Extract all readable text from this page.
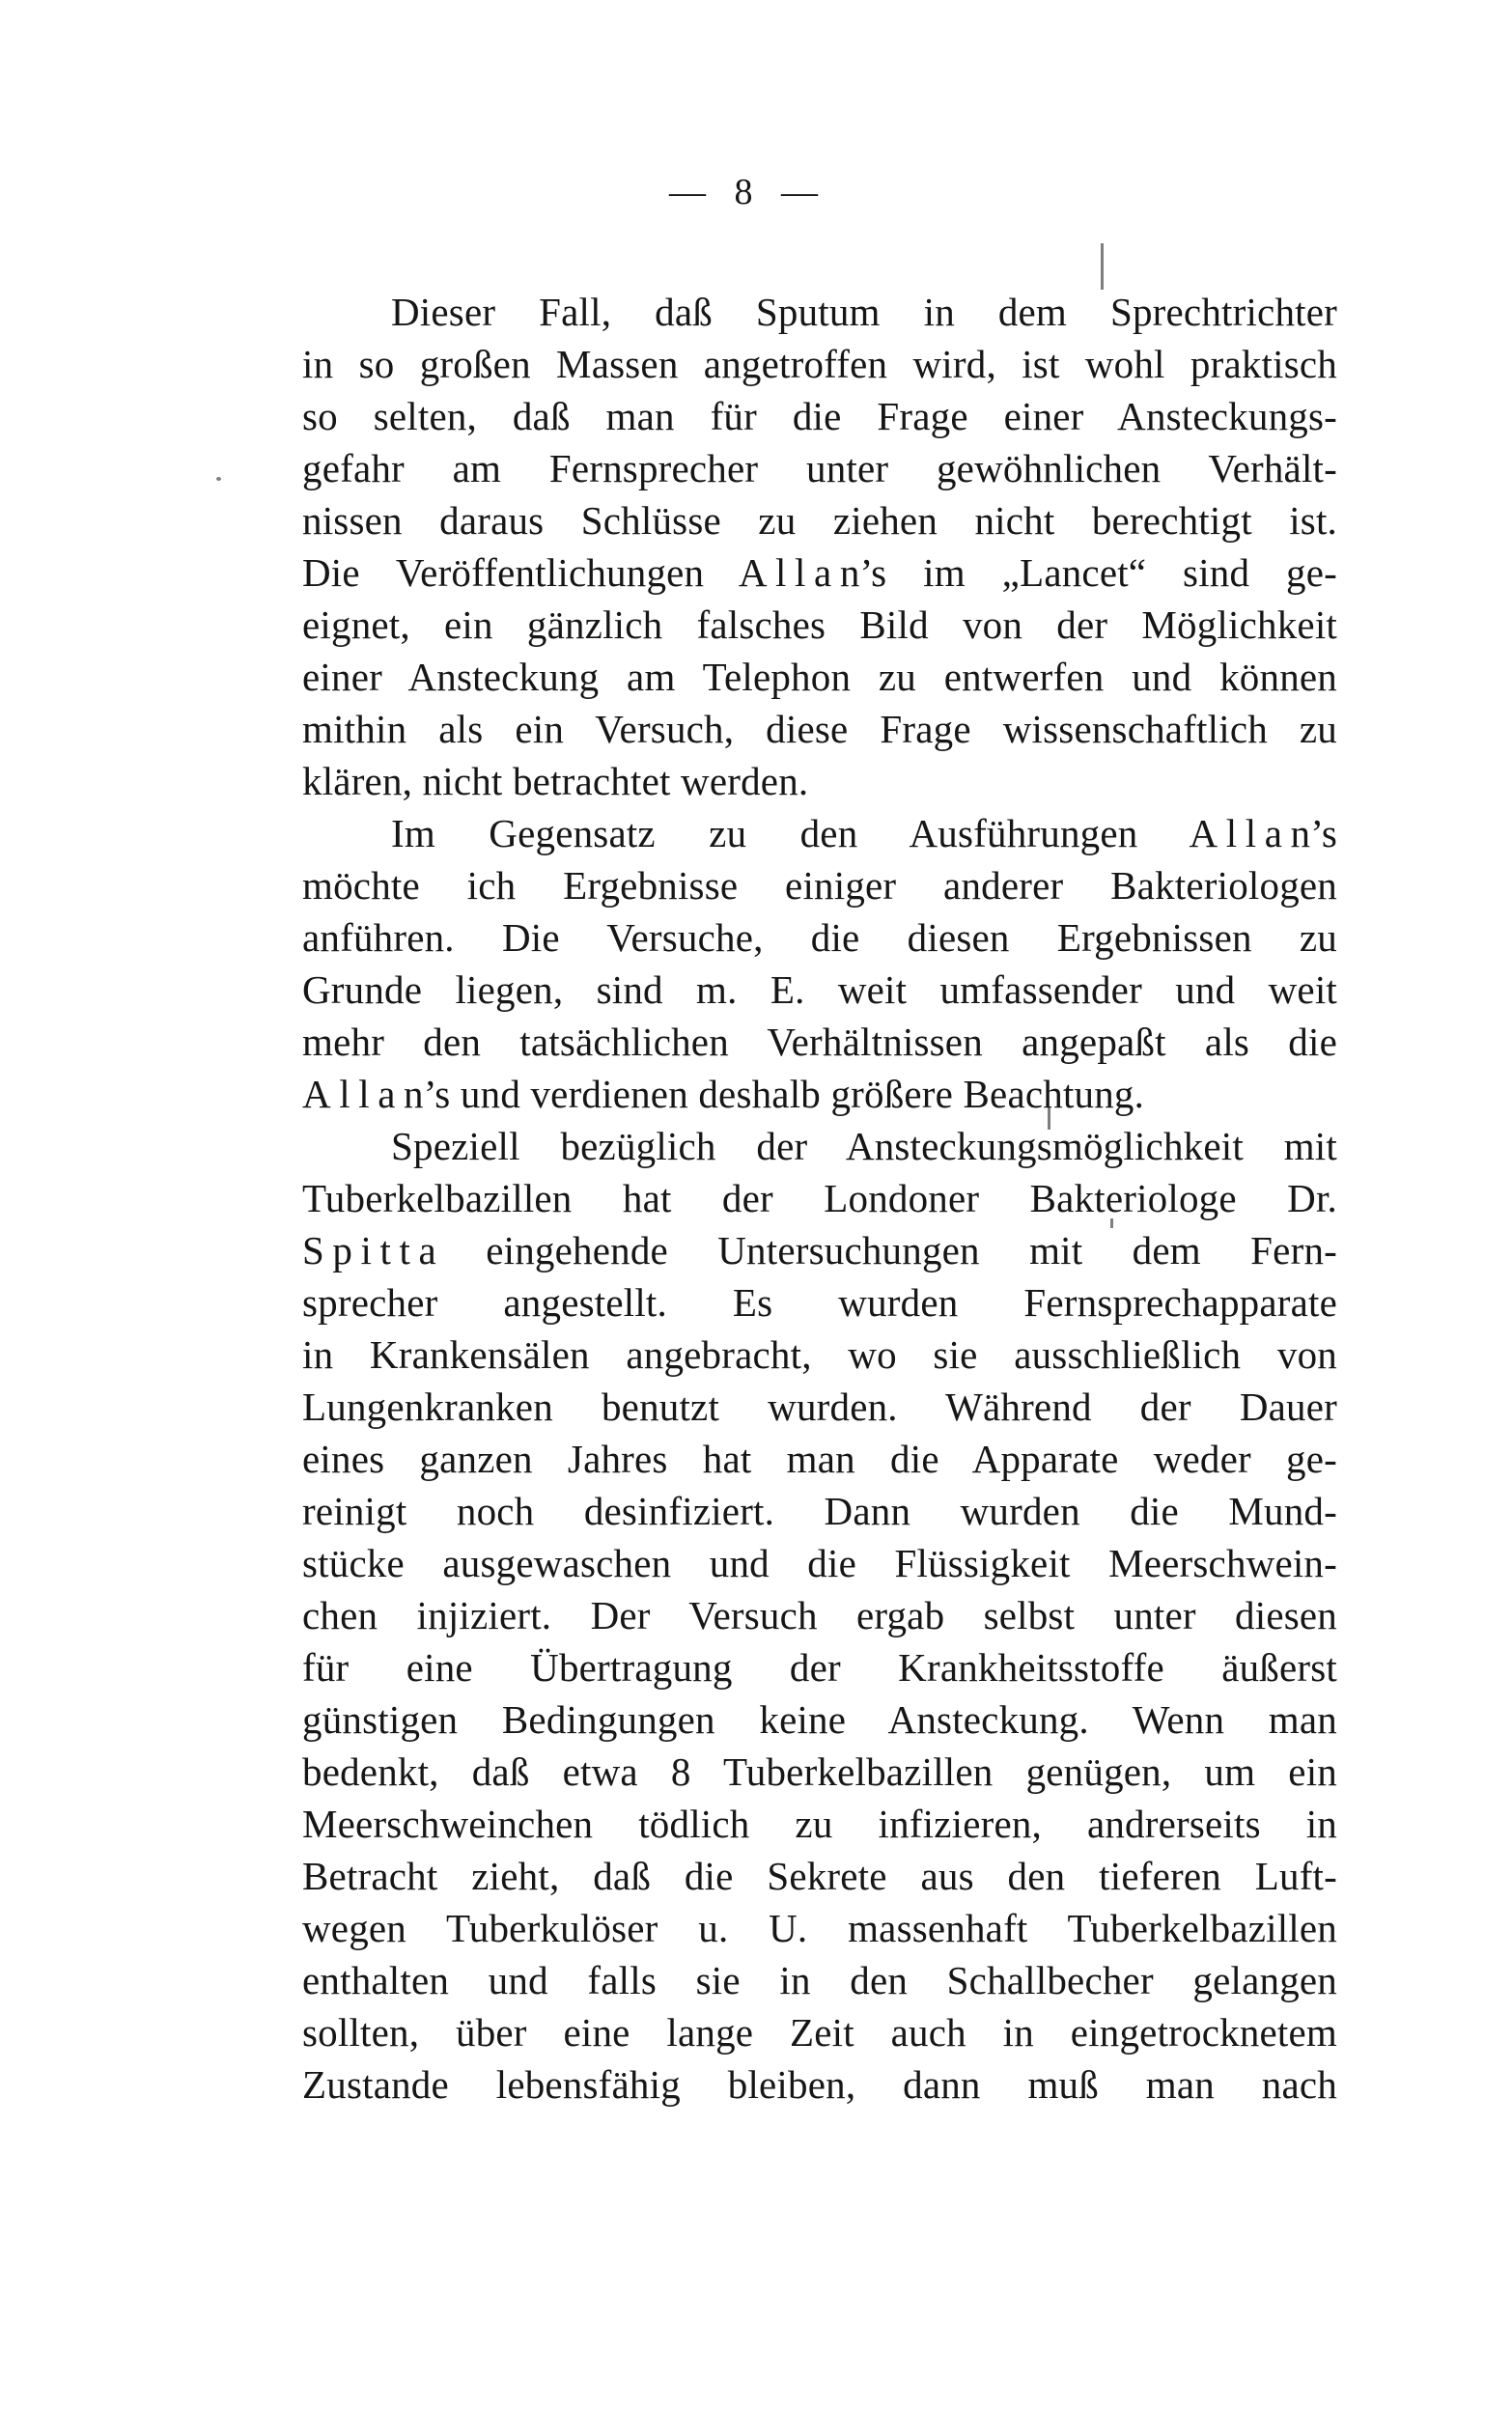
— 8 —
Dieser Fall, daß Sputum in dem Sprechtrichter
in so großen Massen angetroffen wird, ist wohl praktisch
so selten, daß man für die Frage einer Ansteckungs-
gefahr am Fernsprecher unter gewöhnlichen Verhält-
nissen daraus Schlüsse zu ziehen nicht berechtigt ist.
Die Veröffentlichungen A l l a n’s im „Lancet“ sind ge-
eignet, ein gänzlich falsches Bild von der Möglichkeit
einer Ansteckung am Telephon zu entwerfen und können
mithin als ein Versuch, diese Frage wissenschaftlich zu
klären, nicht betrachtet werden.
Im Gegensatz zu den Ausführungen A l l a n’s
möchte ich Ergebnisse einiger anderer Bakteriologen
anführen. Die Versuche, die diesen Ergebnissen zu
Grunde liegen, sind m. E. weit umfassender und weit
mehr den tatsächlichen Verhältnissen angepaßt als die
A l l a n’s und verdienen deshalb größere Beachtung.
Speziell bezüglich der Ansteckungsmöglichkeit mit
Tuberkelbazillen hat der Londoner Bakteriologe Dr.
S p i t t a eingehende Untersuchungen mit dem Fern-
sprecher angestellt. Es wurden Fernsprechapparate
in Krankensälen angebracht, wo sie ausschließlich von
Lungenkranken benutzt wurden. Während der Dauer
eines ganzen Jahres hat man die Apparate weder ge-
reinigt noch desinfiziert. Dann wurden die Mund-
stücke ausgewaschen und die Flüssigkeit Meerschwein-
chen injiziert. Der Versuch ergab selbst unter diesen
für eine Übertragung der Krankheitsstoffe äußerst
günstigen Bedingungen keine Ansteckung. Wenn man
bedenkt, daß etwa 8 Tuberkelbazillen genügen, um ein
Meerschweinchen tödlich zu infizieren, andrerseits in
Betracht zieht, daß die Sekrete aus den tieferen Luft-
wegen Tuberkulöser u. U. massenhaft Tuberkelbazillen
enthalten und falls sie in den Schallbecher gelangen
sollten, über eine lange Zeit auch in eingetrocknetem
Zustande lebensfähig bleiben, dann muß man nach
